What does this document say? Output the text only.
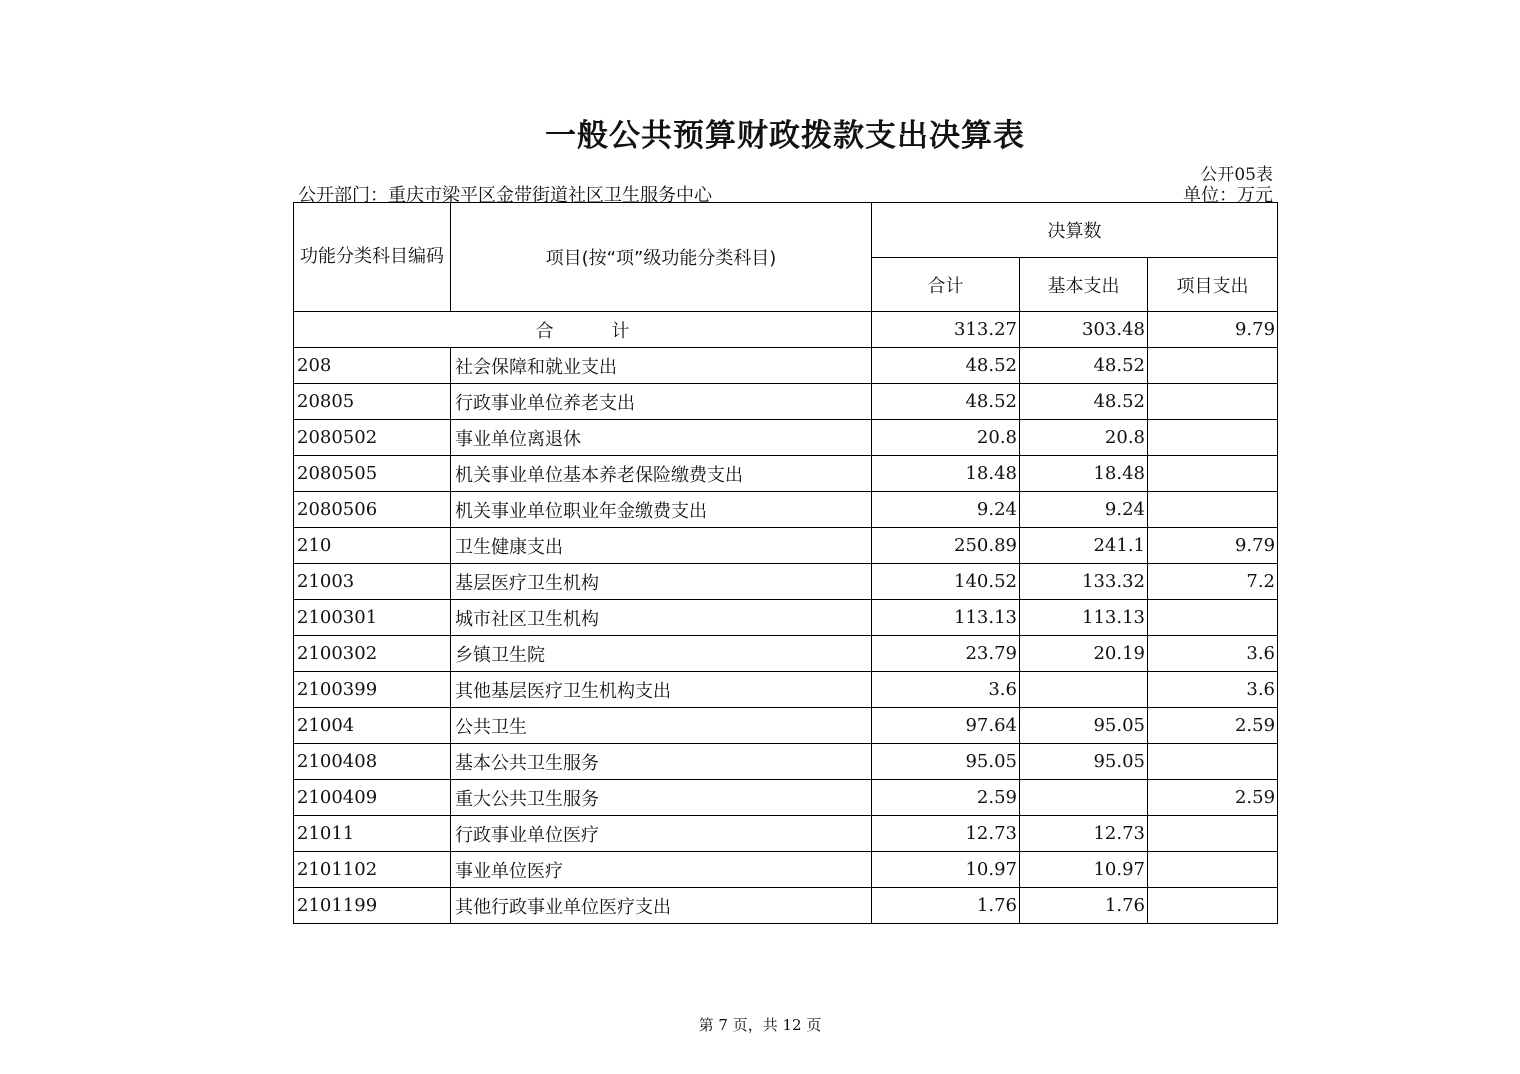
一般公共预算财政拨款支出决算表
公开05表
公开部门：重庆市梁平区金带街道社区卫生服务中心	单位：万元
功能分类科目编码	项目(按“项”级功能分类科目)	决算数		
		合计	基本支出	项目支出
合 计		313.27	303.48	9.79
208	社会保障和就业支出	48.52	48.52	
20805	行政事业单位养老支出	48.52	48.52	
2080502	事业单位离退休	20.8	20.8	
2080505	机关事业单位基本养老保险缴费支出	18.48	18.48	
2080506	机关事业单位职业年金缴费支出	9.24	9.24	
210	卫生健康支出	250.89	241.1	9.79
21003	基层医疗卫生机构	140.52	133.32	7.2
2100301	城市社区卫生机构	113.13	113.13	
2100302	乡镇卫生院	23.79	20.19	3.6
2100399	其他基层医疗卫生机构支出	3.6		3.6
21004	公共卫生	97.64	95.05	2.59
2100408	基本公共卫生服务	95.05	95.05	
2100409	重大公共卫生服务	2.59		2.59
21011	行政事业单位医疗	12.73	12.73	
2101102	事业单位医疗	10.97	10.97	
2101199	其他行政事业单位医疗支出	1.76	1.76	
第 7 页，共 12 页
